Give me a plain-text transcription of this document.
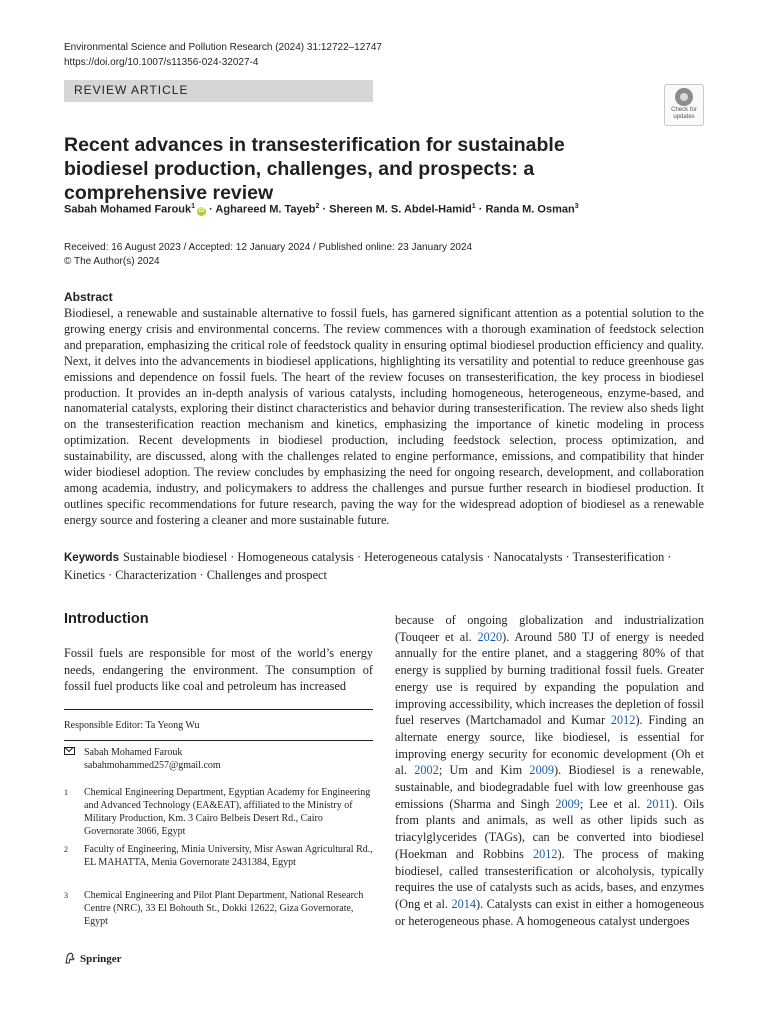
Environmental Science and Pollution Research (2024) 31:12722–12747
https://doi.org/10.1007/s11356-024-32027-4
REVIEW ARTICLE
Check for updates
Recent advances in transesterification for sustainable biodiesel production, challenges, and prospects: a comprehensive review
Sabah Mohamed Farouk$^1$iD · Aghareed M. Tayeb$^2$ · Shereen M. S. Abdel-Hamid$^1$ · Randa M. Osman$^3$
Received: 16 August 2023 / Accepted: 12 January 2024 / Published online: 23 January 2024
© The Author(s) 2024
Abstract

Biodiesel, a renewable and sustainable alternative to fossil fuels, has garnered significant attention as a potential solution to the growing energy crisis and environmental concerns. The review commences with a thorough examination of feedstock selection and preparation, emphasizing the critical role of feedstock quality in ensuring optimal biodiesel production efficiency and quality. Next, it delves into the advancements in biodiesel applications, highlighting its versatility and potential to reduce greenhouse gas emissions and dependence on fossil fuels. The heart of the review focuses on transesterification, the key process in biodiesel production. It provides an in-depth analysis of various catalysts, including homogeneous, heterogeneous, enzyme-based, and nanomaterial catalysts, exploring their distinct characteristics and behavior during transesterification. The review also sheds light on the transesterification reaction mechanism and kinetics, emphasizing the importance of kinetic modeling in process optimization. Recent developments in biodiesel production, including feedstock selection, process optimization, and sustainability, are discussed, along with the challenges related to engine performance, emissions, and compatibility that hinder wider biodiesel adoption. The review concludes by emphasizing the need for ongoing research, development, and collaboration among academia, industry, and policymakers to address the challenges and pursue further research in biodiesel production. It outlines specific recommendations for future research, paving the way for the widespread adoption of biodiesel as a renewable energy source and fostering a cleaner and more sustainable future.

Keywords Sustainable biodiesel · Homogeneous catalysis · Heterogeneous catalysis · Nanocatalysts · Transesterification · Kinetics · Characterization · Challenges and prospect
Introduction

Fossil fuels are responsible for most of the world’s energy needs, endangering the environment. The consumption of fossil fuel products like coal and petroleum has increased

Responsible Editor: Ta Yeong Wu
Sabah Mohamed Farouk
sabahmohammed257@gmail.com
1 Chemical Engineering Department, Egyptian Academy for Engineering and Advanced Technology (EA&EAT), affiliated to the Ministry of Military Production, Km. 3 Cairo Belbeis Desert Rd., Cairo Governorate 3066, Egypt
2 Faculty of Engineering, Minia University, Misr Aswan Agricultural Rd., EL MAHATTA, Menia Governorate 2431384, Egypt
3 Chemical Engineering and Pilot Plant Department, National Research Centre (NRC), 33 El Bohouth St., Dokki 12622, Giza Governorate, Egypt
Springer

because of ongoing globalization and industrialization (Touqeer et al. 2020). Around 580 TJ of energy is needed annually for the entire planet, and a staggering 80% of that energy is supplied by burning traditional fossil fuels. Greater energy use is required by expanding the population and improving accessibility, which increases the depletion of fossil fuel reserves (Martchamadol and Kumar 2012). Finding an alternate energy source, like biodiesel, is essential for improving energy security for economic development (Oh et al. 2002; Um and Kim 2009). Biodiesel is a renewable, sustainable, and biodegradable fuel with low greenhouse gas emissions (Sharma and Singh 2009; Lee et al. 2011). Oils from plants and animals, as well as other lipids such as triacylglycerides (TAGs), can be converted into biodiesel (Hoekman and Robbins 2012). The process of making biodiesel, called transesterification or alcoholysis, typically requires the use of catalysts such as acids, bases, and enzymes (Ong et al. 2014). Catalysts can exist in either a homogeneous or heterogeneous phase. A homogeneous catalyst undergoes
